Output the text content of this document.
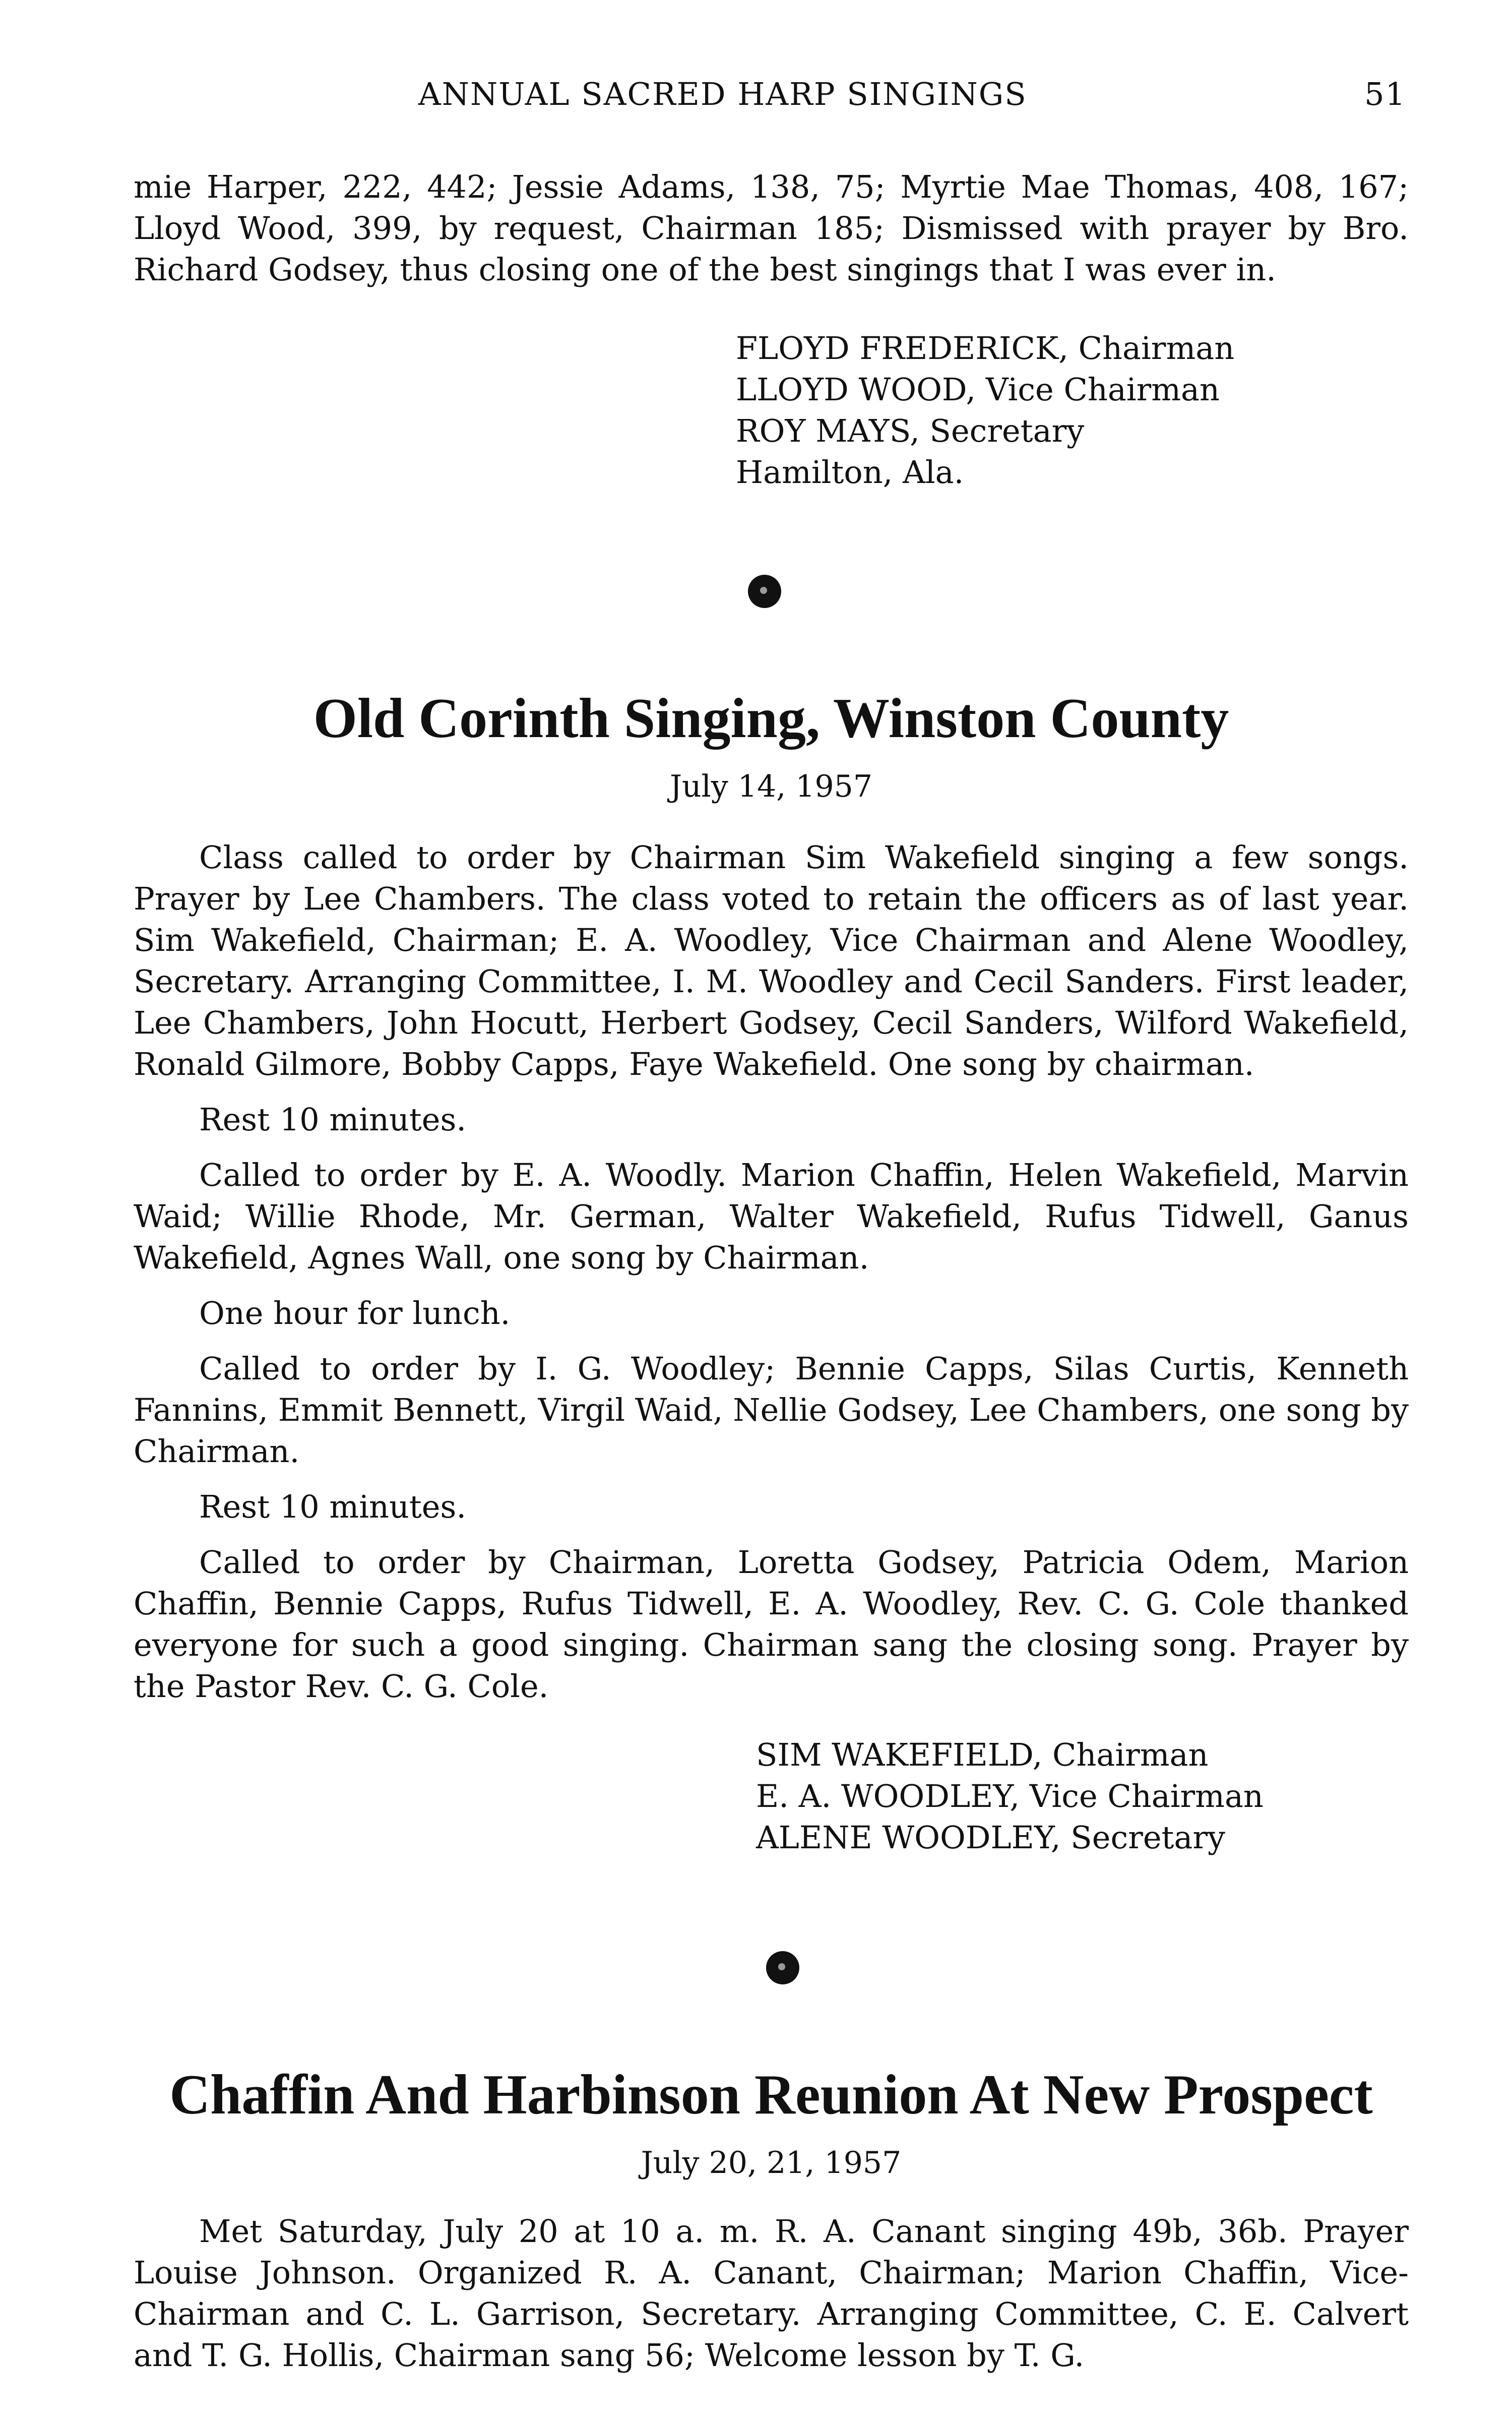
ANNUAL SACRED HARP SINGINGS	51

mie Harper, 222, 442; Jessie Adams, 138, 75; Myrtie Mae Thomas, 408, 167; Lloyd Wood, 399, by request, Chairman 185; Dismissed with prayer by Bro. Richard Godsey, thus closing one of the best singings that I was ever in.

FLOYD FREDERICK, Chairman
LLOYD WOOD, Vice Chairman
ROY MAYS, Secretary
Hamilton, Ala.
Old Corinth Singing, Winston County
July 14, 1957

Class called to order by Chairman Sim Wakefield singing a few songs. Prayer by Lee Chambers. The class voted to retain the officers as of last year. Sim Wakefield, Chairman; E. A. Woodley, Vice Chairman and Alene Woodley, Secretary. Arranging Committee, I. M. Woodley and Cecil Sanders. First leader, Lee Chambers, John Hocutt, Herbert Godsey, Cecil Sanders, Wilford Wakefield, Ronald Gilmore, Bobby Capps, Faye Wakefield. One song by chairman.

Rest 10 minutes.

Called to order by E. A. Woodly. Marion Chaffin, Helen Wakefield, Marvin Waid; Willie Rhode, Mr. German, Walter Wakefield, Rufus Tidwell, Ganus Wakefield, Agnes Wall, one song by Chairman.

One hour for lunch.

Called to order by I. G. Woodley; Bennie Capps, Silas Curtis, Kenneth Fannins, Emmit Bennett, Virgil Waid, Nellie Godsey, Lee Chambers, one song by Chairman.

Rest 10 minutes.

Called to order by Chairman, Loretta Godsey, Patricia Odem, Marion Chaffin, Bennie Capps, Rufus Tidwell, E. A. Woodley, Rev. C. G. Cole thanked everyone for such a good singing. Chairman sang the closing song. Prayer by the Pastor Rev. C. G. Cole.

SIM WAKEFIELD, Chairman
E. A. WOODLEY, Vice Chairman
ALENE WOODLEY, Secretary
Chaffin And Harbinson Reunion At New Prospect
July 20, 21, 1957

Met Saturday, July 20 at 10 a. m. R. A. Canant singing 49b, 36b. Prayer Louise Johnson. Organized R. A. Canant, Chairman; Marion Chaffin, Vice-Chairman and C. L. Garrison, Secretary. Arranging Committee, C. E. Calvert and T. G. Hollis, Chairman sang 56; Welcome lesson by T. G.
